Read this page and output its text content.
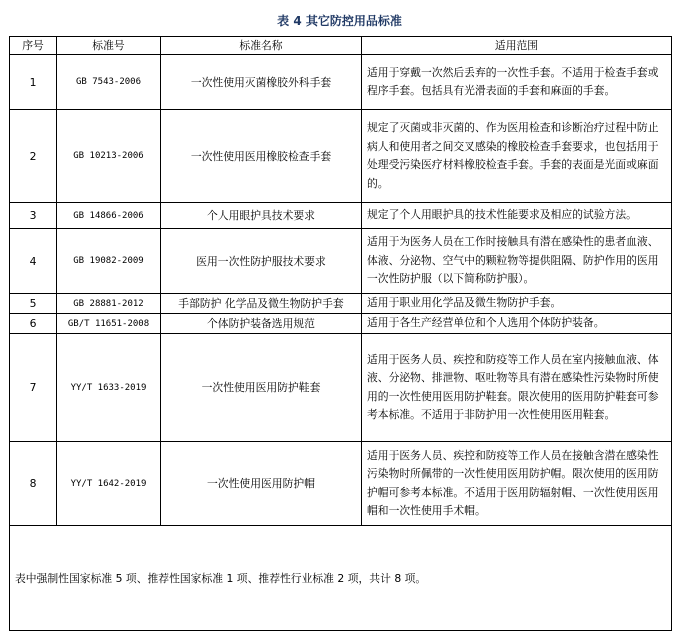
表 4 其它防控用品标准
序号	标准号	标准名称	适用范围
1	GB 7543-2006	一次性使用灭菌橡胶外科手套	适用于穿戴一次然后丢弃的一次性手套。不适用于检查手套或程序手套。包括具有光滑表面的手套和麻面的手套。
2	GB 10213-2006	一次性使用医用橡胶检查手套	规定了灭菌或非灭菌的、作为医用检查和诊断治疗过程中防止病人和使用者之间交叉感染的橡胶检查手套要求，也包括用于处理受污染医疗材料橡胶检查手套。手套的表面是光面或麻面的。
3	GB 14866-2006	个人用眼护具技术要求	规定了个人用眼护具的技术性能要求及相应的试验方法。
4	GB 19082-2009	医用一次性防护服技术要求	适用于为医务人员在工作时接触具有潜在感染性的患者血液、体液、分泌物、空气中的颗粒物等提供阻隔、防护作用的医用一次性防护服（以下简称防护服）。
5	GB 28881-2012	手部防护 化学品及微生物防护手套	适用于职业用化学品及微生物防护手套。
6	GB/T 11651-2008	个体防护装备选用规范	适用于各生产经营单位和个人选用个体防护装备。
7	YY/T 1633-2019	一次性使用医用防护鞋套	适用于医务人员、疾控和防疫等工作人员在室内接触血液、体液、分泌物、排泄物、呕吐物等具有潜在感染性污染物时所使用的一次性使用医用防护鞋套。限次使用的医用防护鞋套可参考本标准。不适用于非防护用一次性使用医用鞋套。
8	YY/T 1642-2019	一次性使用医用防护帽	适用于医务人员、疾控和防疫等工作人员在接触含潜在感染性污染物时所佩带的一次性使用医用防护帽。限次使用的医用防护帽可参考本标准。不适用于医用防辐射帽、一次性使用医用帽和一次性使用手术帽。
表中强制性国家标准 5 项、推荐性国家标准 1 项、推荐性行业标准 2 项，共计 8 项。			
